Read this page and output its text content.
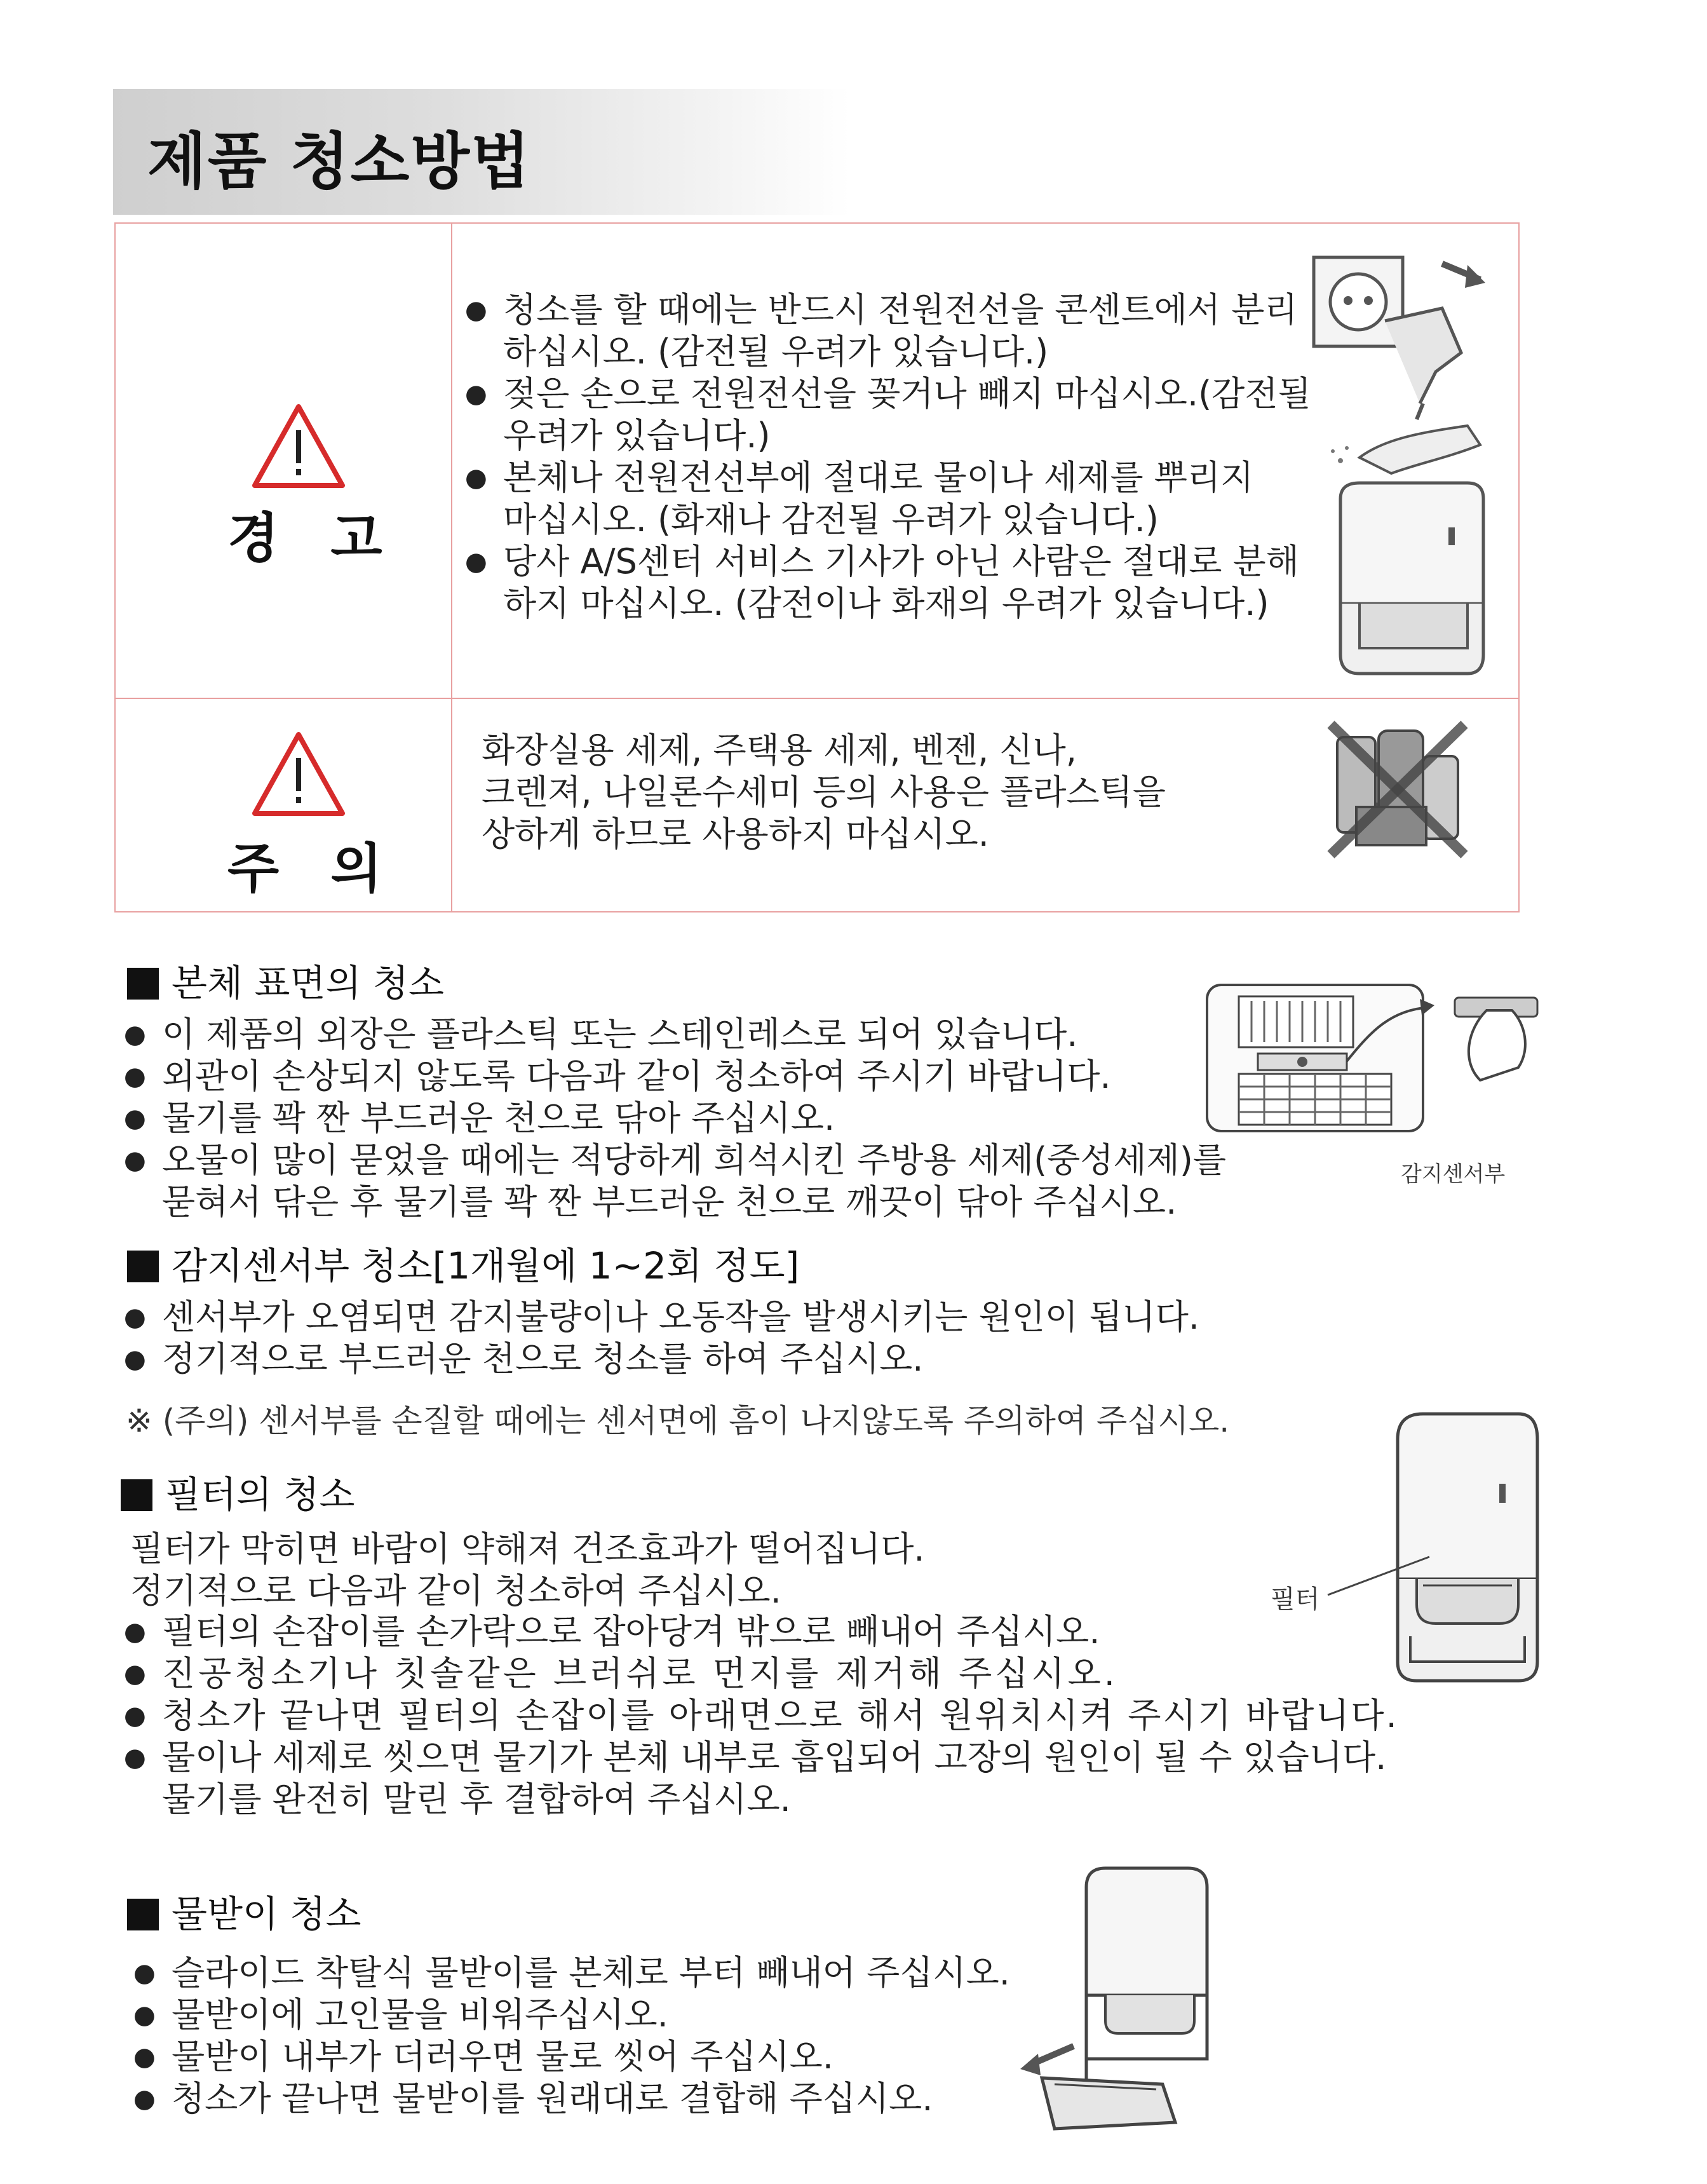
제품 청소방법
경 고
● 청소를 할 때에는 반드시 전원전선을 콘센트에서 분리
하십시오. (감전될 우려가 있습니다.)
● 젖은 손으로 전원전선을 꽂거나 빼지 마십시오.(감전될
우려가 있습니다.)
● 본체나 전원전선부에 절대로 물이나 세제를 뿌리지
마십시오. (화재나 감전될 우려가 있습니다.)
● 당사 A/S센터 서비스 기사가 아닌 사람은 절대로 분해
하지 마십시오. (감전이나 화재의 우려가 있습니다.)
주 의
화장실용 세제, 주택용 세제, 벤젠, 신나,
크렌져, 나일론수세미 등의 사용은 플라스틱을
상하게 하므로 사용하지 마십시오.
본체 표면의 청소
● 이 제품의 외장은 플라스틱 또는 스테인레스로 되어 있습니다.
● 외관이 손상되지 않도록 다음과 같이 청소하여 주시기 바랍니다.
● 물기를 꽉 짠 부드러운 천으로 닦아 주십시오.
● 오물이 많이 묻었을 때에는 적당하게 희석시킨 주방용 세제(중성세제)를
묻혀서 닦은 후 물기를 꽉 짠 부드러운 천으로 깨끗이 닦아 주십시오.
감지센서부
감지센서부 청소[1개월에 1~2회 정도]
● 센서부가 오염되면 감지불량이나 오동작을 발생시키는 원인이 됩니다.
● 정기적으로 부드러운 천으로 청소를 하여 주십시오.
※ (주의) 센서부를 손질할 때에는 센서면에 흠이 나지않도록 주의하여 주십시오.
필터
필터의 청소
필터가 막히면 바람이 약해져 건조효과가 떨어집니다.
정기적으로 다음과 같이 청소하여 주십시오.
● 필터의 손잡이를 손가락으로 잡아당겨 밖으로 빼내어 주십시오.
● 진공청소기나 칫솔같은 브러쉬로 먼지를 제거해 주십시오.
● 청소가 끝나면 필터의 손잡이를 아래면으로 해서 원위치시켜 주시기 바랍니다.
● 물이나 세제로 씻으면 물기가 본체 내부로 흡입되어 고장의 원인이 될 수 있습니다.
물기를 완전히 말린 후 결합하여 주십시오.
물받이 청소
● 슬라이드 착탈식 물받이를 본체로 부터 빼내어 주십시오.
● 물받이에 고인물을 비워주십시오.
● 물받이 내부가 더러우면 물로 씻어 주십시오.
● 청소가 끝나면 물받이를 원래대로 결합해 주십시오.
